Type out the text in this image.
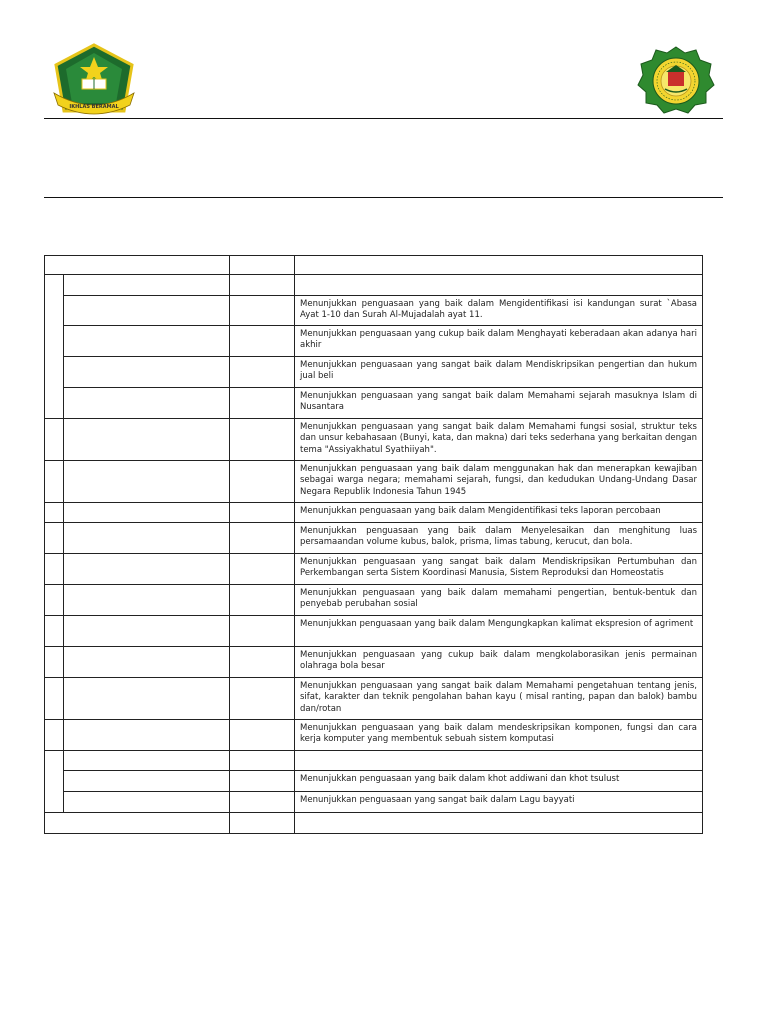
IKHLAS BERAMAL

			Menunjukkan penguasaan yang baik dalam Mengidentifikasi isi kandungan surat `Abasa Ayat 1-10 dan Surah Al-Mujadalah ayat 11.
			Menunjukkan penguasaan yang cukup baik dalam Menghayati keberadaan akan adanya hari akhir
			Menunjukkan penguasaan yang sangat baik dalam Mendiskripsikan pengertian dan hukum jual beli
			Menunjukkan penguasaan yang sangat baik dalam Memahami sejarah masuknya Islam di Nusantara
			Menunjukkan penguasaan yang sangat baik dalam Memahami fungsi sosial, struktur teks dan unsur kebahasaan (Bunyi, kata, dan makna) dari teks sederhana yang berkaitan dengan tema "Assiyakhatul Syathiiyah".
			Menunjukkan penguasaan yang baik dalam menggunakan hak dan menerapkan kewajiban sebagai warga negara; memahami sejarah, fungsi, dan kedudukan Undang-Undang Dasar Negara Republik Indonesia Tahun 1945
			Menunjukkan penguasaan yang baik dalam Mengidentifikasi teks laporan percobaan
			Menunjukkan penguasaan yang baik dalam Menyelesaikan dan menghitung luas persamaandan volume kubus, balok, prisma, limas tabung, kerucut, dan bola.
			Menunjukkan penguasaan yang sangat baik dalam Mendiskripsikan Pertumbuhan dan Perkembangan serta Sistem Koordinasi Manusia, Sistem Reproduksi dan Homeostatis
			Menunjukkan penguasaan yang baik dalam memahami pengertian, bentuk-bentuk dan penyebab perubahan sosial
			Menunjukkan penguasaan yang baik dalam Mengungkapkan kalimat ekspresion of agriment
			Menunjukkan penguasaan yang cukup baik dalam mengkolaborasikan jenis permainan olahraga bola besar
			Menunjukkan penguasaan yang sangat baik dalam Memahami pengetahuan tentang jenis, sifat, karakter dan teknik pengolahan bahan kayu ( misal ranting, papan dan balok) bambu dan/rotan
			Menunjukkan penguasaan yang baik dalam mendeskripsikan komponen, fungsi dan cara kerja komputer yang membentuk sebuah sistem komputasi

			Menunjukkan penguasaan yang baik dalam khot addiwani dan khot tsulust
			Menunjukkan penguasaan yang sangat baik dalam Lagu bayyati
